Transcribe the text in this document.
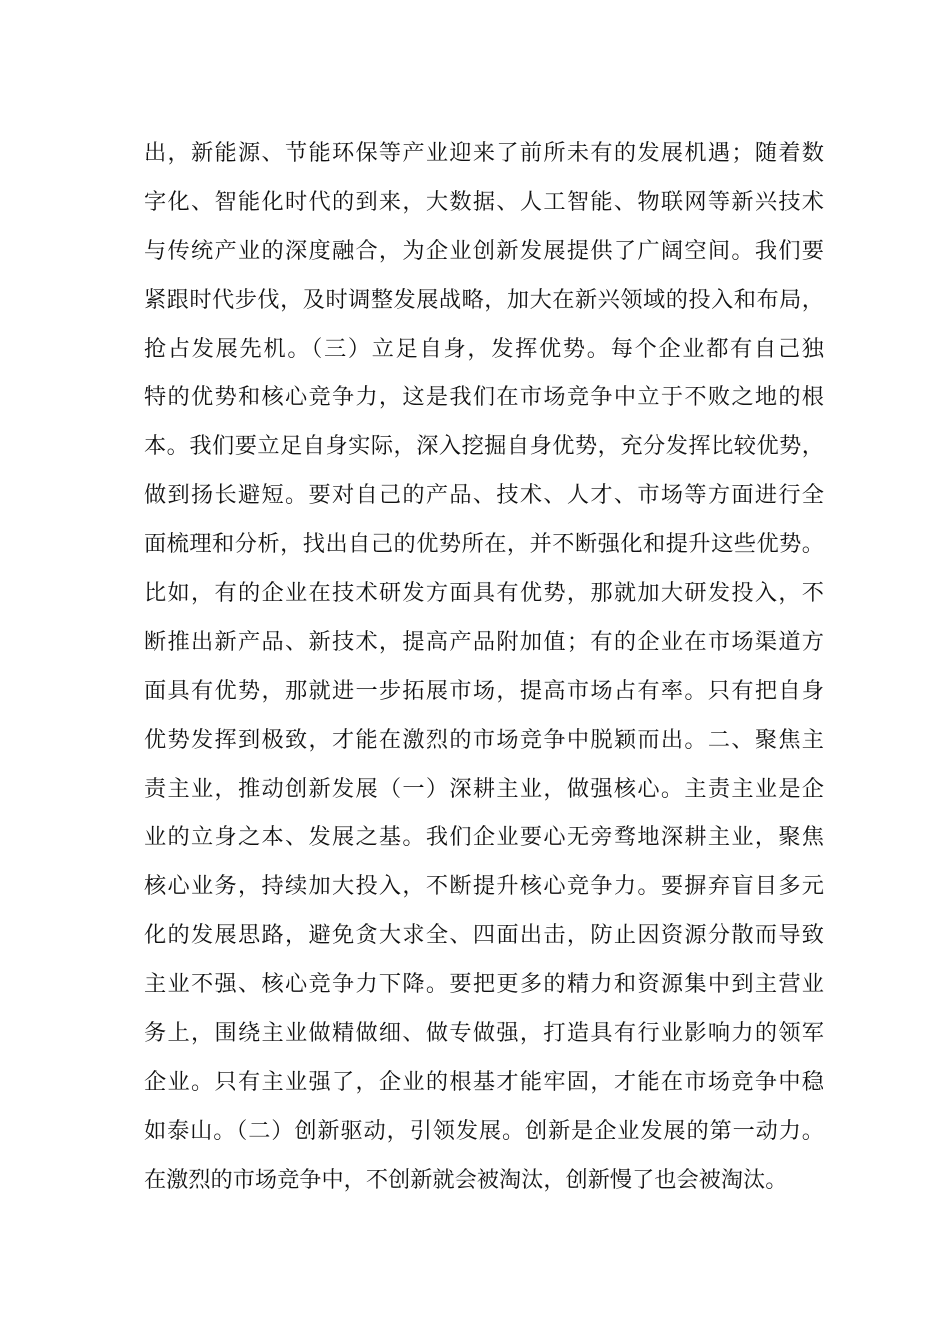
出，新能源、节能环保等产业迎来了前所未有的发展机遇；随着数
字化、智能化时代的到来，大数据、人工智能、物联网等新兴技术
与传统产业的深度融合，为企业创新发展提供了广阔空间。我们要
紧跟时代步伐，及时调整发展战略，加大在新兴领域的投入和布局，
抢占发展先机。（三）立足自身，发挥优势。每个企业都有自己独
特的优势和核心竞争力，这是我们在市场竞争中立于不败之地的根
本。我们要立足自身实际，深入挖掘自身优势，充分发挥比较优势，
做到扬长避短。要对自己的产品、技术、人才、市场等方面进行全
面梳理和分析，找出自己的优势所在，并不断强化和提升这些优势。
比如，有的企业在技术研发方面具有优势，那就加大研发投入，不
断推出新产品、新技术，提高产品附加值；有的企业在市场渠道方
面具有优势，那就进一步拓展市场，提高市场占有率。只有把自身
优势发挥到极致，才能在激烈的市场竞争中脱颖而出。二、聚焦主
责主业，推动创新发展（一）深耕主业，做强核心。主责主业是企
业的立身之本、发展之基。我们企业要心无旁骛地深耕主业，聚焦
核心业务，持续加大投入，不断提升核心竞争力。要摒弃盲目多元
化的发展思路，避免贪大求全、四面出击，防止因资源分散而导致
主业不强、核心竞争力下降。要把更多的精力和资源集中到主营业
务上，围绕主业做精做细、做专做强，打造具有行业影响力的领军
企业。只有主业强了，企业的根基才能牢固，才能在市场竞争中稳
如泰山。（二）创新驱动，引领发展。创新是企业发展的第一动力。
在激烈的市场竞争中，不创新就会被淘汰，创新慢了也会被淘汰。
